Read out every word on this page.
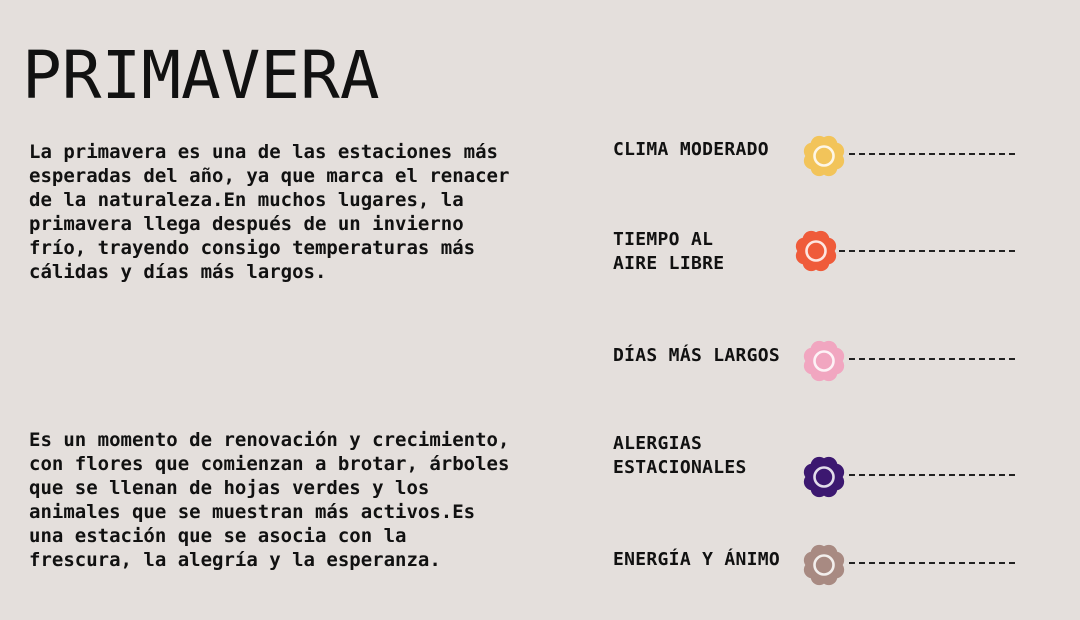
PRIMAVERA

La primavera es una de las estaciones más
esperadas del año, ya que marca el renacer
de la naturaleza.En muchos lugares, la
primavera llega después de un invierno
frío, trayendo consigo temperaturas más
cálidas y días más largos.

Es un momento de renovación y crecimiento,
con flores que comienzan a brotar, árboles
que se llenan de hojas verdes y los
animales que se muestran más activos.Es
una estación que se asocia con la
frescura, la alegría y la esperanza.

CLIMA MODERADO
TIEMPO AL
AIRE LIBRE
DÍAS MÁS LARGOS
ALERGIAS
ESTACIONALES
ENERGÍA Y ÁNIMO
